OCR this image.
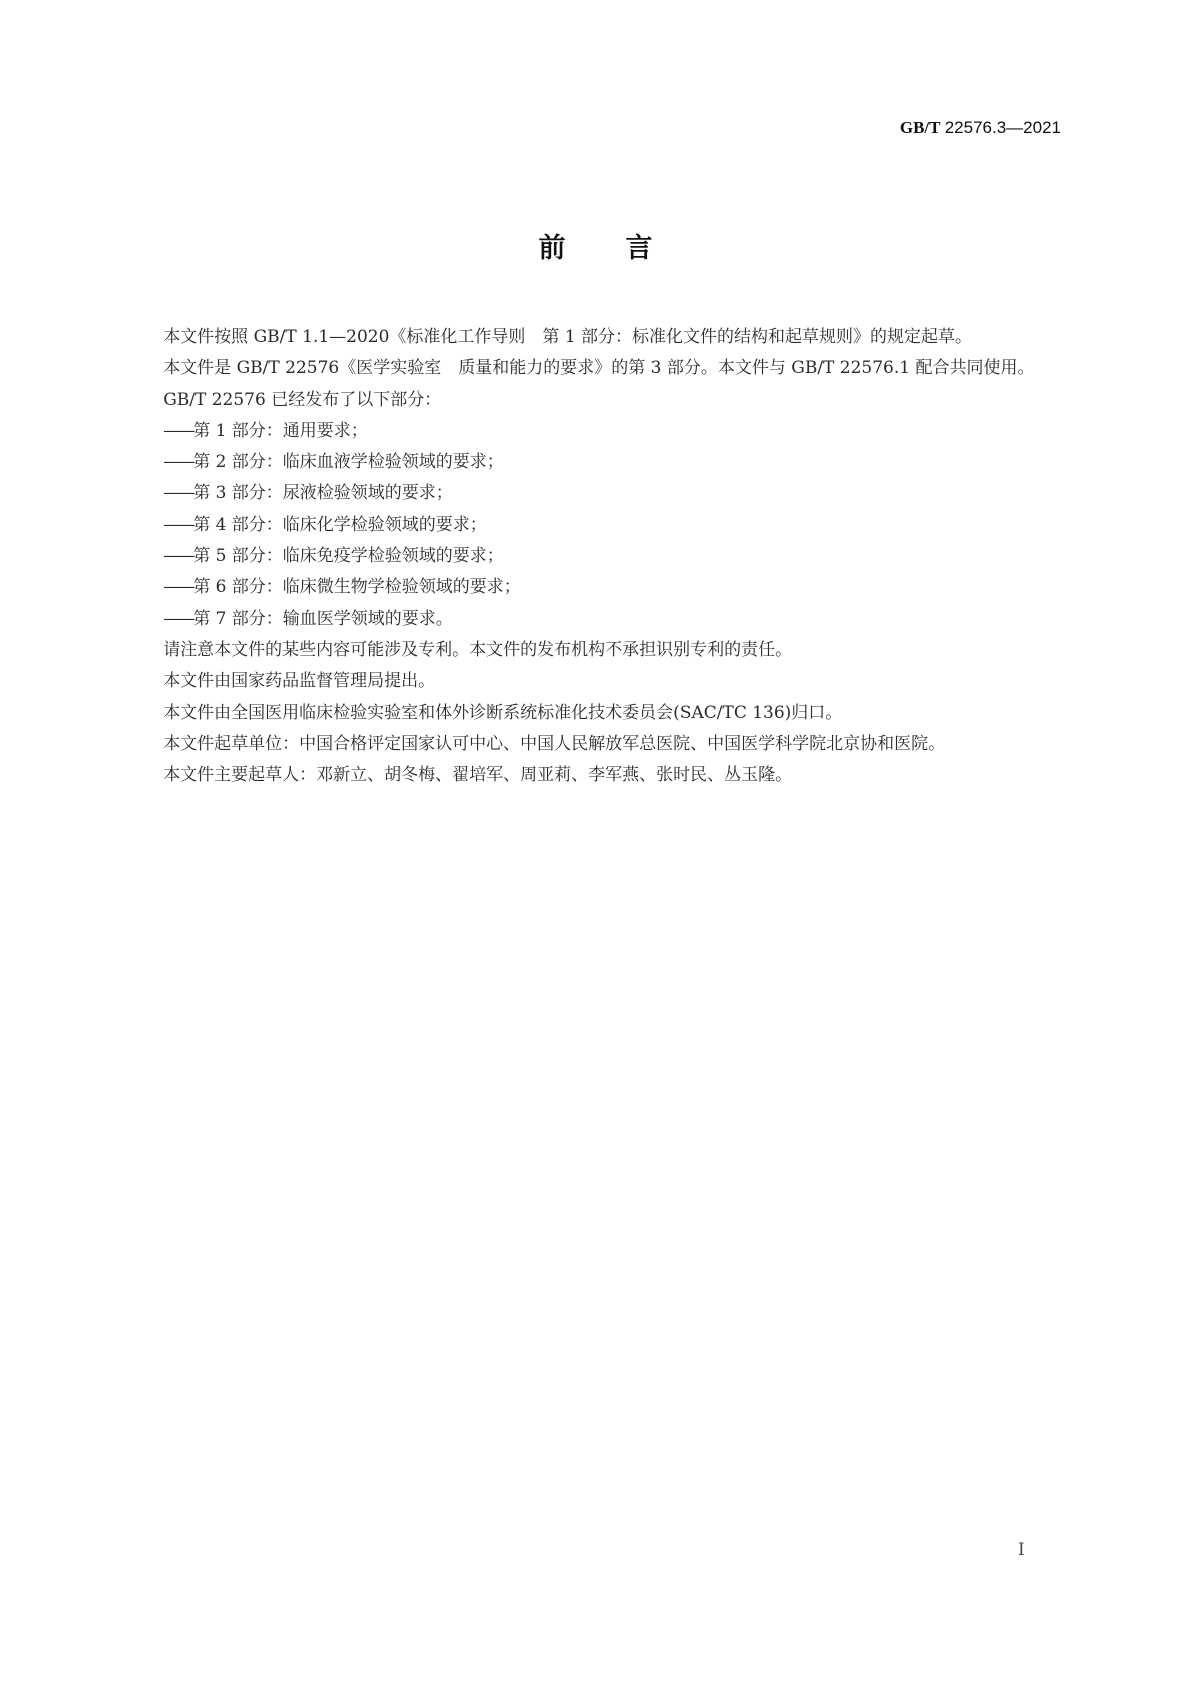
GB/T 22576.3—2021
前 言

本文件按照 GB/T 1.1—2020《标准化工作导则　第 1 部分：标准化文件的结构和起草规则》的规定起草。

本文件是 GB/T 22576《医学实验室　质量和能力的要求》的第 3 部分。本文件与 GB/T 22576.1 配合共同使用。

GB/T 22576 已经发布了以下部分：

——第 1 部分：通用要求；

——第 2 部分：临床血液学检验领域的要求；

——第 3 部分：尿液检验领域的要求；

——第 4 部分：临床化学检验领域的要求；

——第 5 部分：临床免疫学检验领域的要求；

——第 6 部分：临床微生物学检验领域的要求；

——第 7 部分：输血医学领域的要求。

请注意本文件的某些内容可能涉及专利。本文件的发布机构不承担识别专利的责任。

本文件由国家药品监督管理局提出。

本文件由全国医用临床检验实验室和体外诊断系统标准化技术委员会(SAC/TC 136)归口。

本文件起草单位：中国合格评定国家认可中心、中国人民解放军总医院、中国医学科学院北京协和医院。

本文件主要起草人：邓新立、胡冬梅、翟培军、周亚莉、李军燕、张时民、丛玉隆。

I
